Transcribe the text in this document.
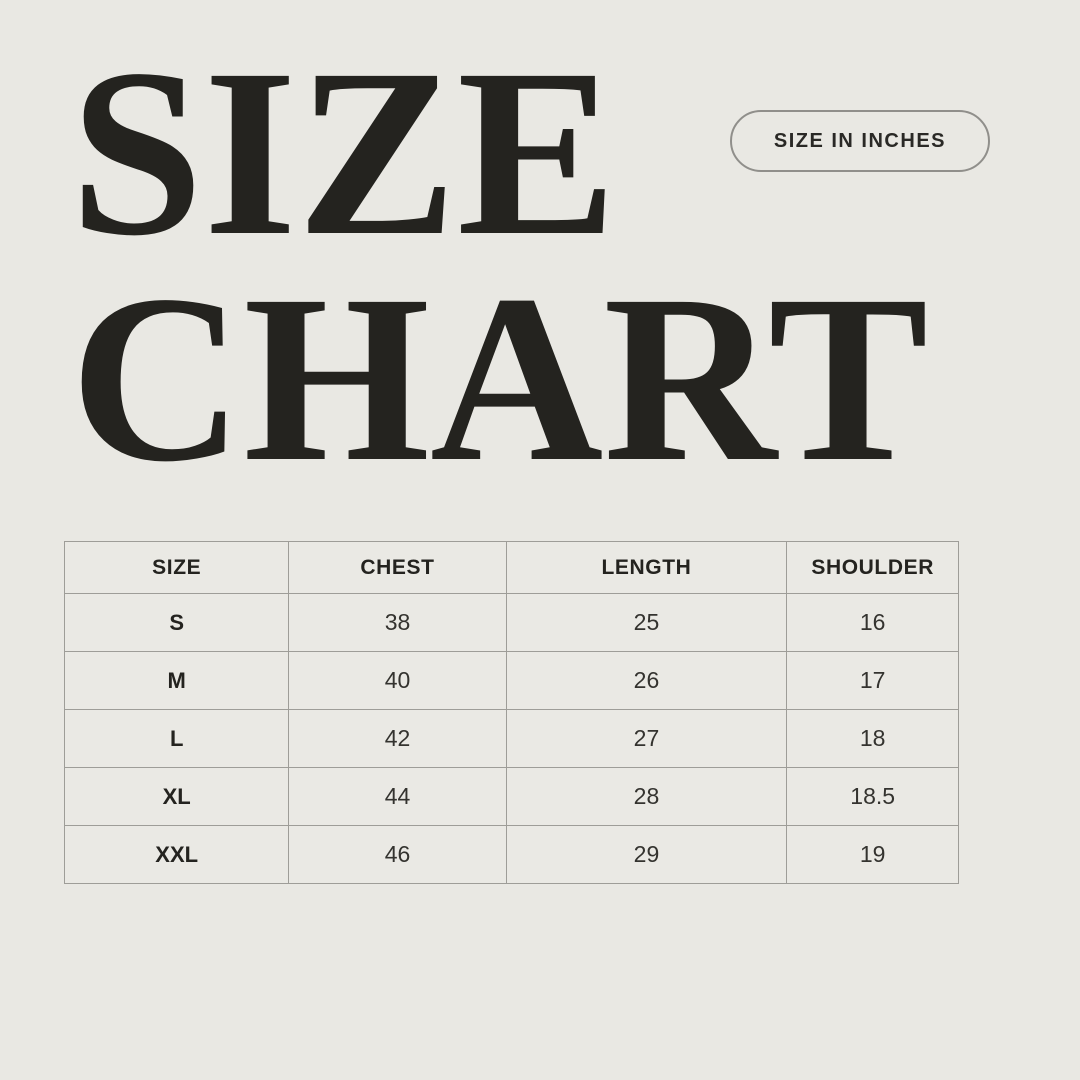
SIZE
CHART
SIZE IN INCHES
SIZE	CHEST	LENGTH	SHOULDER
S	38	25	16
M	40	26	17
L	42	27	18
XL	44	28	18.5
XXL	46	29	19
